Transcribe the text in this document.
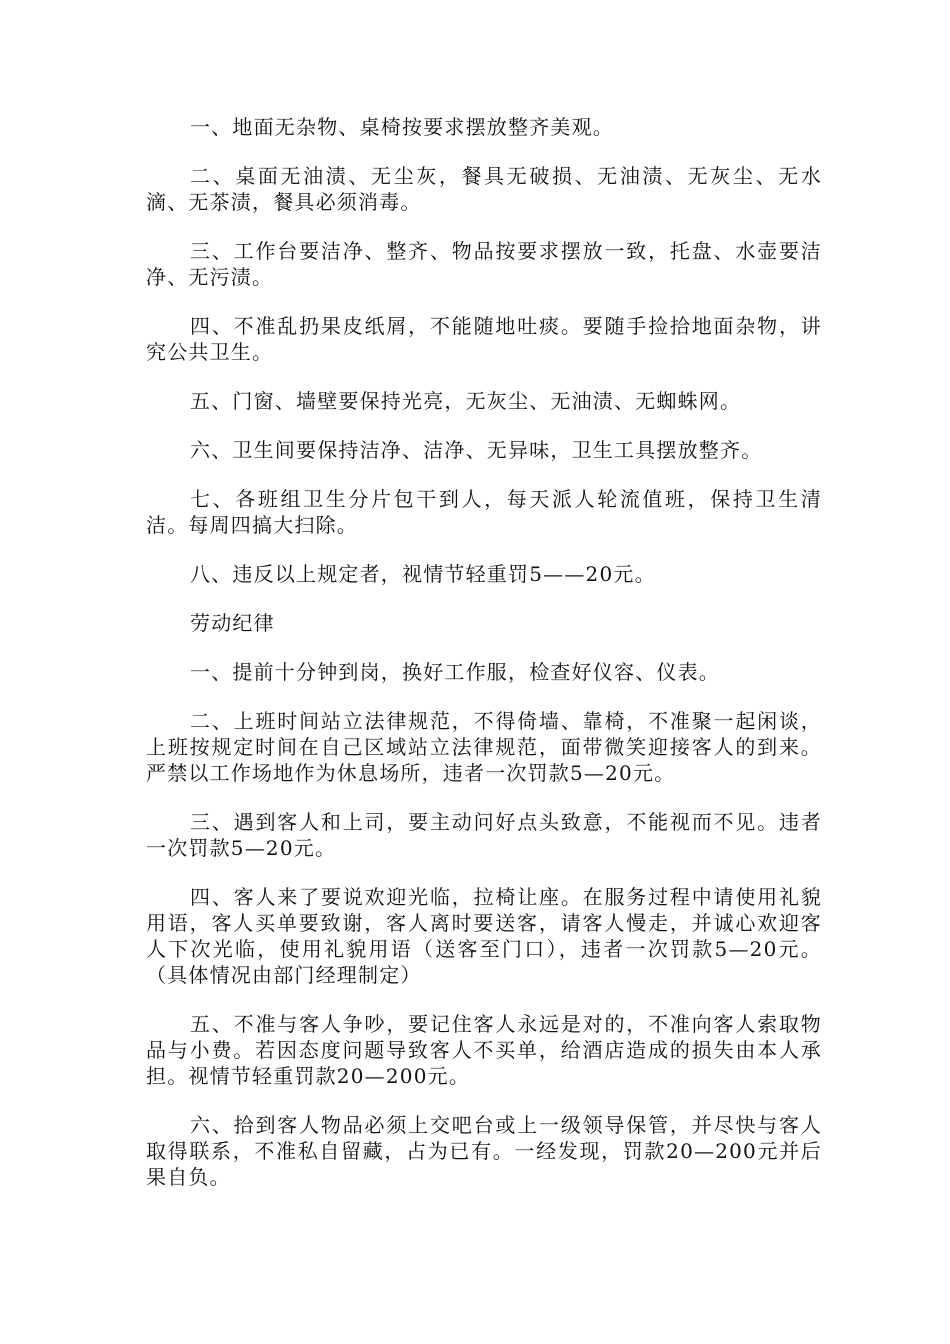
一、地面无杂物、桌椅按要求摆放整齐美观。

二、桌面无油渍、无尘灰，餐具无破损、无油渍、无灰尘、无水滴、无茶渍，餐具必须消毒。

三、工作台要洁净、整齐、物品按要求摆放一致，托盘、水壶要洁净、无污渍。

四、不准乱扔果皮纸屑，不能随地吐痰。要随手捡拾地面杂物，讲究公共卫生。

五、门窗、墙壁要保持光亮，无灰尘、无油渍、无蜘蛛网。

六、卫生间要保持洁净、洁净、无异味，卫生工具摆放整齐。

七、各班组卫生分片包干到人，每天派人轮流值班，保持卫生清洁。每周四搞大扫除。

八、违反以上规定者，视情节轻重罚5——20元。

劳动纪律

一、提前十分钟到岗，换好工作服，检查好仪容、仪表。

二、上班时间站立法律规范，不得倚墙、靠椅，不准聚一起闲谈，上班按规定时间在自己区域站立法律规范，面带微笑迎接客人的到来。严禁以工作场地作为休息场所，违者一次罚款5—20元。

三、遇到客人和上司，要主动问好点头致意，不能视而不见。违者一次罚款5—20元。

四、客人来了要说欢迎光临，拉椅让座。在服务过程中请使用礼貌用语，客人买单要致谢，客人离时要送客，请客人慢走，并诚心欢迎客人下次光临，使用礼貌用语（送客至门口），违者一次罚款5—20元。（具体情况由部门经理制定）

五、不准与客人争吵，要记住客人永远是对的，不准向客人索取物品与小费。若因态度问题导致客人不买单，给酒店造成的损失由本人承担。视情节轻重罚款20—200元。

六、拾到客人物品必须上交吧台或上一级领导保管，并尽快与客人取得联系，不准私自留藏，占为已有。一经发现，罚款20—200元并后果自负。
